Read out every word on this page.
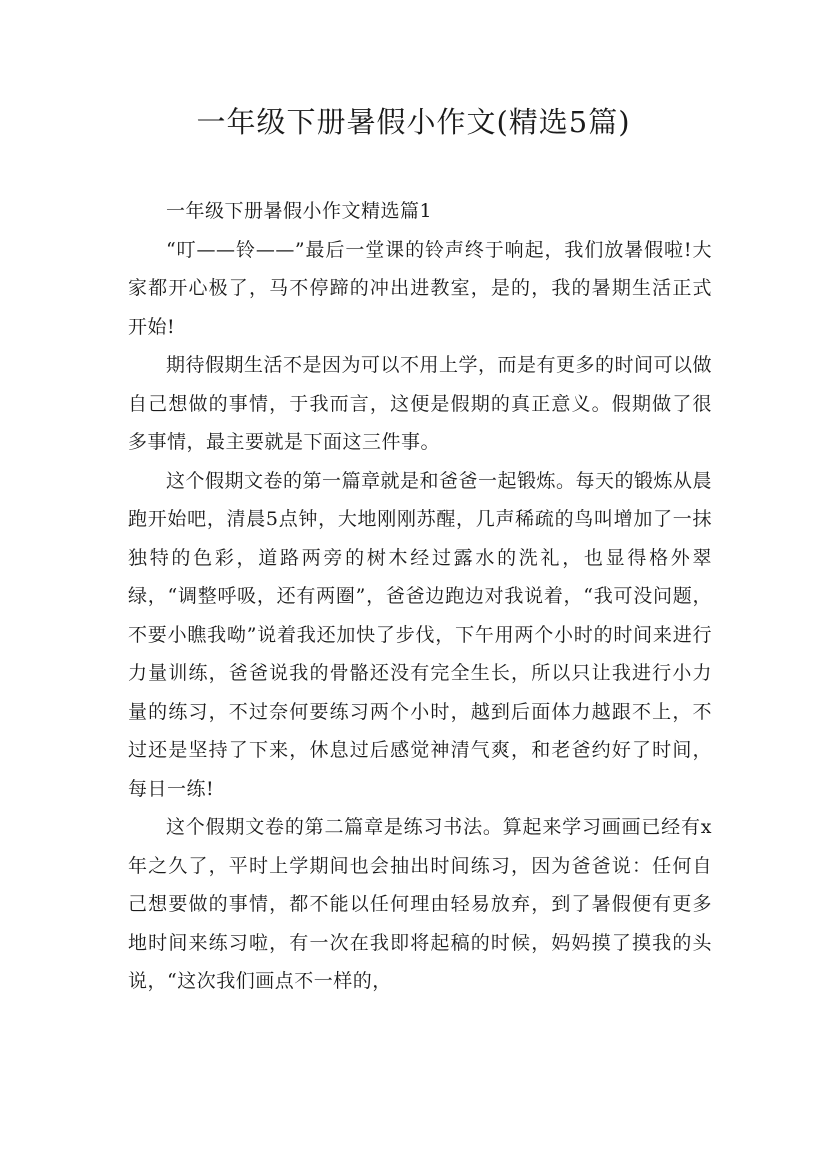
一年级下册暑假小作文(精选5篇)

一年级下册暑假小作文精选篇1

“叮——铃——”最后一堂课的铃声终于响起，我们放暑假啦!大家都开心极了，马不停蹄的冲出进教室，是的，我的暑期生活正式开始!

期待假期生活不是因为可以不用上学，而是有更多的时间可以做自己想做的事情，于我而言，这便是假期的真正意义。假期做了很多事情，最主要就是下面这三件事。

这个假期文卷的第一篇章就是和爸爸一起锻炼。每天的锻炼从晨跑开始吧，清晨5点钟，大地刚刚苏醒，几声稀疏的鸟叫增加了一抹独特的色彩，道路两旁的树木经过露水的洗礼，也显得格外翠绿，“调整呼吸，还有两圈”，爸爸边跑边对我说着，“我可没问题，不要小瞧我呦”说着我还加快了步伐，下午用两个小时的时间来进行力量训练，爸爸说我的骨骼还没有完全生长，所以只让我进行小力量的练习，不过奈何要练习两个小时，越到后面体力越跟不上，不过还是坚持了下来，休息过后感觉神清气爽，和老爸约好了时间，每日一练!

这个假期文卷的第二篇章是练习书法。算起来学习画画已经有x年之久了，平时上学期间也会抽出时间练习，因为爸爸说：任何自己想要做的事情，都不能以任何理由轻易放弃，到了暑假便有更多地时间来练习啦，有一次在我即将起稿的时候，妈妈摸了摸我的头说，“这次我们画点不一样的，
